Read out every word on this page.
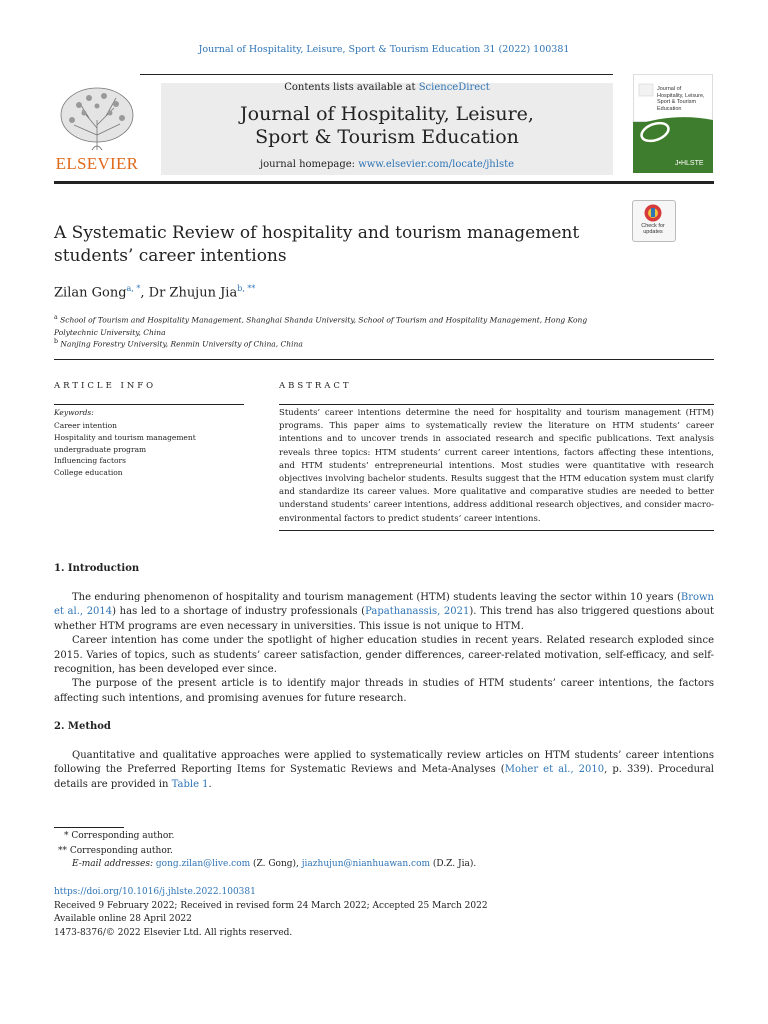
Journal of Hospitality, Leisure, Sport & Tourism Education 31 (2022) 100381
ELSEVIER
Contents lists available at ScienceDirect
Journal of Hospitality, Leisure,
Sport & Tourism Education
journal homepage: www.elsevier.com/locate/jhlste
Journal of Hospitality, Leisure, Sport & Tourism Education
J•HLSTE
Check for updates
A Systematic Review of hospitality and tourism management
students’ career intentions
Zilan Gong$^{a, *}$, Dr Zhujun Jia$^{b, **}$
$^a$ School of Tourism and Hospitality Management, Shanghai Shanda University, School of Tourism and Hospitality Management, Hong Kong Polytechnic University, China
$^b$ Nanjing Forestry University, Renmin University of China, China
ARTICLE INFO	ABSTRACT
Keywords:
Career intention
Hospitality and tourism management
undergraduate program
Influencing factors
College education
Students’ career intentions determine the need for hospitality and tourism management (HTM) programs. This paper aims to systematically review the literature on HTM students’ career intentions and to uncover trends in associated research and specific publications. Text analysis reveals three topics: HTM students’ current career intentions, factors affecting these intentions, and HTM students’ entrepreneurial intentions. Most studies were quantitative with research objectives involving bachelor students. Results suggest that the HTM education system must clarify and standardize its career values. More qualitative and comparative studies are needed to better understand students’ career intentions, address additional research objectives, and consider macro-environmental factors to predict students’ career intentions.
1. Introduction

The enduring phenomenon of hospitality and tourism management (HTM) students leaving the sector within 10 years (Brown et al., 2014) has led to a shortage of industry professionals (Papathanassis, 2021). This trend has also triggered questions about whether HTM programs are even necessary in universities. This issue is not unique to HTM.

Career intention has come under the spotlight of higher education studies in recent years. Related research exploded since 2015. Varies of topics, such as students’ career satisfaction, gender differences, career-related motivation, self-efficacy, and self-recognition, has been developed ever since.

The purpose of the present article is to identify major threads in studies of HTM students’ career intentions, the factors affecting such intentions, and promising avenues for future research.

2. Method

Quantitative and qualitative approaches were applied to systematically review articles on HTM students’ career intentions following the Preferred Reporting Items for Systematic Reviews and Meta-Analyses (Moher et al., 2010, p. 339). Procedural details are provided in Table 1.

* Corresponding author.
** Corresponding author.
E-mail addresses: gong.zilan@live.com (Z. Gong), jiazhujun@nianhuawan.com (D.Z. Jia).
https://doi.org/10.1016/j.jhlste.2022.100381
Received 9 February 2022; Received in revised form 24 March 2022; Accepted 25 March 2022
Available online 28 April 2022
1473-8376/© 2022 Elsevier Ltd. All rights reserved.
